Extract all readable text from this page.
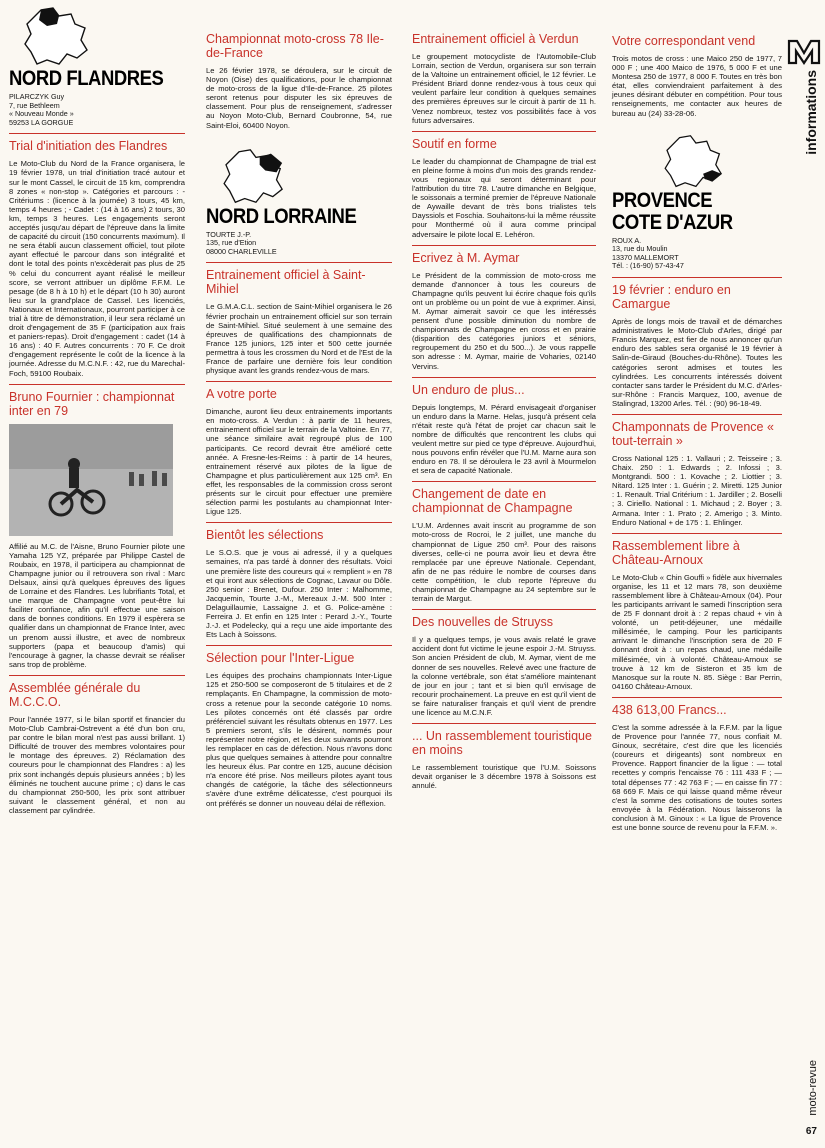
NORD FLANDRES
PILARCZYK Guy
7, rue Bethleem
« Nouveau Monde »
59253 LA GORGUE
Trial d'initiation des Flandres

Le Moto-Club du Nord de la France organisera, le 19 février 1978, un trial d'initiation tracé autour et sur le mont Cassel, le circuit de 15 km, comprendra 8 zones « non-stop ». Catégories et parcours : - Critériums : (licence à la journée) 3 tours, 45 km, temps 4 heures ; - Cadet : (14 à 16 ans) 2 tours, 30 km, temps 3 heures. Les engagements seront acceptés jusqu'au départ de l'épreuve dans la limite de capacité du circuit (150 concurrents maximum). Il ne sera établi aucun classement officiel, tout pilote ayant effectué le parcour dans son intégralité et dont le total des points n'excèderait pas plus de 25 % celui du concurrent ayant réalisé le meilleur score, se verront attribuer un diplôme F.F.M. Le pesage (de 8 h à 10 h) et le départ (10 h 30) auront lieu sur la grand'place de Cassel. Les licenciés, Nationaux et Internationaux, pourront participer à ce trial à titre de démonstration, il leur sera réclamé un droit d'engagement de 35 F (participation aux frais et paniers-repas). Droit d'engagement : cadet (14 à 16 ans) : 40 F. Autres concurrents : 70 F. Ce droit d'engagement représente le coût de la licence à la journée. Adresse du M.C.N.F. : 42, rue du Marechal-Foch, 59100 Roubaix.

Bruno Fournier : championnat inter en 79

Affilié au M.C. de l'Aisne, Bruno Fournier pilote une Yamaha 125 YZ, préparée par Philippe Castel de Roubaix, en 1978, il participera au championnat de Champagne junior ou il retrouvera son rival : Marc Delsaux, ainsi qu'à quelques épreuves des ligues de Lorraine et des Flandres. Les lubrifiants Total, et une marque de Champagne vont peut-être lui faciliter confiance, afin qu'il effectue une saison dans de bonnes conditions. En 1979 il espèrera se qualifier dans un championnat de France Inter, avec un prenom aussi illustre, et avec de nombreux supporters (papa et beaucoup d'amis) qui l'encourage à gagner, la chasse devrait se réaliser sans trop de problème.

Assemblée générale du M.C.C.O.

Pour l'année 1977, si le bilan sportif et financier du Moto-Club Cambrai-Ostrevent a été d'un bon cru, par contre le bilan moral n'est pas aussi brillant. 1) Difficulté de trouver des membres volontaires pour le montage des épreuves. 2) Réclamation des coureurs pour le championnat des Flandres : a) les prix sont inchangés depuis plusieurs années ; b) les éliminés ne touchent aucune prime ; c) dans le cas du championnat 250-500, les prix sont attribuer suivant le classement général, et non au classement par cylindrée.

Championnat moto-cross 78 Ile-de-France

Le 26 février 1978, se déroulera, sur le circuit de Noyon (Oise) des qualifications, pour le championnat de moto-cross de la ligue d'Ile-de-France. 25 pilotes seront retenus pour disputer les six épreuves de classement. Pour plus de renseignement, s'adresser au Noyon Moto-Club, Bernard Coubronne, 54, rue Saint-Eloi, 60400 Noyon.

NORD LORRAINE
TOURTE J.-P.
135, rue d'Etion
08000 CHARLEVILLE
Entrainement officiel à Saint-Mihiel

Le G.M.A.C.L. section de Saint-Mihiel organisera le 26 février prochain un entrainement officiel sur son terrain de Saint-Mihiel. Situé seulement à une semaine des épreuves de qualifications des championnats de France 125 juniors, 125 inter et 500 cette journée permettra à tous les crossmen du Nord et de l'Est de la France de parfaire une dernière fois leur condition physique avant les grands rendez-vous de mars.

A votre porte

Dimanche, auront lieu deux entrainements importants en moto-cross. A Verdun : à partir de 11 heures, entrainement officiel sur le terrain de la Valtoine. En 77, une séance similaire avait regroupé plus de 100 participants. Ce record devrait être amélioré cette année. A Fresne-les-Reims : à partir de 14 heures, entrainement réservé aux pilotes de la ligue de Champagne et plus particulièrement aux 125 cm³. En effet, les responsables de la commission cross seront présents sur le circuit pour effectuer une première sélection parmi les postulants au championnat Inter-Ligue 125.

Bientôt les sélections

Le S.O.S. que je vous ai adressé, il y a quelques semaines, n'a pas tardé à donner des résultats. Voici une première liste des coureurs qui « remplient » en 78 et qui iront aux sélections de Cognac, Lavaur ou Dôle. 250 senior : Brenet, Dufour. 250 Inter : Malhomme, Jacquemin, Tourte J.-M., Mereaux J.-M. 500 Inter : Delaguillaumie, Lassaigne J. et G. Police-amène : Ferreira J. Et enfin en 125 Inter : Perard J.-Y., Tourte J.-J. et Podelecky, qui a reçu une aide importante des Ets Lach à Soissons.

Sélection pour l'Inter-Ligue

Les équipes des prochains championnats Inter-Ligue 125 et 250-500 se composeront de 5 titulaires et de 2 remplaçants. En Champagne, la commission de moto-cross a retenue pour la seconde catégorie 10 noms. Les pilotes concernés ont été classés par ordre préférenciel suivant les résultats obtenus en 1977. Les 5 premiers seront, s'ils le désirent, nommés pour représenter notre région, et les deux suivants pourront les remplacer en cas de défection. Nous n'avons donc plus que quelques semaines à attendre pour connaître les heureux élus. Par contre en 125, aucune décision n'a encore été prise. Nos meilleurs pilotes ayant tous changés de catégorie, la tâche des sélectionneurs s'avère d'une extrême délicatesse, c'est pourquoi ils ont préférés se donner un nouveau délai de réflexion.

Entrainement officiel à Verdun

Le groupement motocycliste de l'Automobile-Club Lorrain, section de Verdun, organisera sur son terrain de la Valtoine un entrainement officiel, le 12 février. Le Président Briard donne rendez-vous à tous ceux qui veulent parfaire leur condition à quelques semaines des premières épreuves sur le circuit à partir de 11 h. Venez nombreux, testez vos possibilités face à vos futurs adversaires.

Soutif en forme

Le leader du championnat de Champagne de trial est en pleine forme à moins d'un mois des grands rendez-vous regionaux qui seront déterminant pour l'attribution du titre 78. L'autre dimanche en Belgique, le soissonais a terminé premier de l'épreuve Nationale de Aywaille devant de très bons trialistes tels Dayssiols et Foschia. Souhaitons-lui la même réussite pour Monthermé où il aura comme principal adversaire le pilote local E. Lehéron.

Ecrivez à M. Aymar

Le Président de la commission de moto-cross me demande d'annoncer à tous les coureurs de Champagne qu'ils peuvent lui écrire chaque fois qu'ils ont un problème ou un point de vue à exprimer. Ainsi, M. Aymar aimerait savoir ce que les intéressés pensent d'une possible diminution du nombre de championnats de Champagne en cross et en prairie (disparition des catégories juniors et séniors, regroupement du 250 et du 500...). Je vous rappelle son adresse : M. Aymar, mairie de Voharies, 02140 Vervins.

Un enduro de plus...

Depuis longtemps, M. Pérard envisageait d'organiser un enduro dans la Marne. Helas, jusqu'à présent cela n'était reste qu'à l'état de projet car chacun sait le nombre de difficultés que rencontrent les clubs qui veulent mettre sur pied ce type d'épreuve. Aujourd'hui, nous pouvons enfin révéler que l'U.M. Marne aura son enduro en 78. Il se déroulera le 23 avril à Mourmelon et sera de capacité Nationale.

Changement de date en championnat de Champagne

L'U.M. Ardennes avait inscrit au programme de son moto-cross de Rocroi, le 2 juillet, une manche du championnat de Ligue 250 cm³. Pour des raisons diverses, celle-ci ne pourra avoir lieu et devra être remplacée par une épreuve Nationale. Cependant, afin de ne pas réduire le nombre de courses dans cette compétition, le club reporte l'épreuve du championnat de Champagne au 24 septembre sur le terrain de Margut.

Des nouvelles de Struyss

Il y a quelques temps, je vous avais relaté le grave accident dont fut victime le jeune espoir J.-M. Struyss. Son ancien Président de club, M. Aymar, vient de me donner de ses nouvelles. Relevé avec une fracture de la colonne vertébrale, son état s'améliore maintenant de jour en jour ; tant et si bien qu'il envisage de recourir prochainement. La preuve en est qu'il vient de se faire naturaliser français et qu'il vient de prendre une licence au M.C.N.F.

... Un rassemblement touristique en moins

Le rassemblement touristique que l'U.M. Soissons devait organiser le 3 décembre 1978 à Soissons est annulé.

Votre correspondant vend

Trois motos de cross : une Maico 250 de 1977, 7 000 F ; une 400 Maico de 1976, 5 000 F et une Montesa 250 de 1977, 8 000 F. Toutes en très bon état, elles conviendraient parfaitement à des jeunes désirant débuter en compétition. Pour tous renseignements, me contacter aux heures de bureau au (24) 33-28-06.

PROVENCE
COTE D'AZUR
ROUX A.
13, rue du Moulin
13370 MALLEMORT
Tél. : (16-90) 57-43-47
19 février : enduro en Camargue

Après de longs mois de travail et de démarches administratives le Moto-Club d'Arles, dirigé par Francis Marquez, est fier de nous annoncer qu'un enduro des sables sera organisé le 19 février à Salin-de-Giraud (Bouches-du-Rhône). Toutes les catégories seront admises et toutes les cylindrées. Les concurrents intéressés doivent contacter sans tarder le Président du M.C. d'Arles-sur-Rhône : Francis Marquez, 100, avenue de Stalingrad, 13200 Arles. Tél. : (90) 96-18-49.

Champonnats de Provence « tout-terrain »

Cross National 125 : 1. Vallauri ; 2. Teisseire ; 3. Chaix. 250 : 1. Edwards ; 2. Infossi ; 3. Montgrandi. 500 : 1. Kovache ; 2. Liottier ; 3. Nitard. 125 Inter : 1. Guérin ; 2. Miretti. 125 Junior : 1. Renault. Trial Critérium : 1. Jardiller ; 2. Boselli ; 3. Ciriello. National : 1. Michaud ; 2. Boyer ; 3. Armana. Inter : 1. Prato ; 2. Amerigo ; 3. Minto. Enduro National + de 175 : 1. Ehlinger.

Rassemblement libre à Château-Arnoux

Le Moto-Club « Chin Gouffi » fidèle aux hivernales organise, les 11 et 12 mars 78, son deuxième rassemblement libre à Château-Arnoux (04). Pour les participants arrivant le samedi l'inscription sera de 25 F donnant droit à : 2 repas chaud + vin à volonté, un petit-déjeuner, une médaille millésimée, le camping. Pour les participants arrivant le dimanche l'inscription sera de 20 F donnant droit à : un repas chaud, une médaille millésimée, vin à volonté. Château-Arnoux se trouve à 12 km de Sisteron et 35 km de Manosque sur la route N. 85. Siège : Bar Perrin, 04160 Château-Arnoux.

438 613,00 Francs...

C'est la somme adressée à la F.F.M. par la ligue de Provence pour l'année 77, nous confiait M. Ginoux, secrétaire, c'est dire que les licenciés (coureurs et dirigeants) sont nombreux en Provence. Rapport financier de la ligue : — total recettes y compris l'encaisse 76 : 111 433 F ; — total dépenses 77 : 42 763 F ; — en caisse fin 77 : 68 669 F. Mais ce qui laisse quand même rêveur c'est la somme des cotisations de toutes sortes envoyée à la Fédération. Nous laisserons la conclusion à M. Ginoux : « La ligue de Provence est une bonne source de revenu pour la F.F.M. ».

informations
moto-revue
67
